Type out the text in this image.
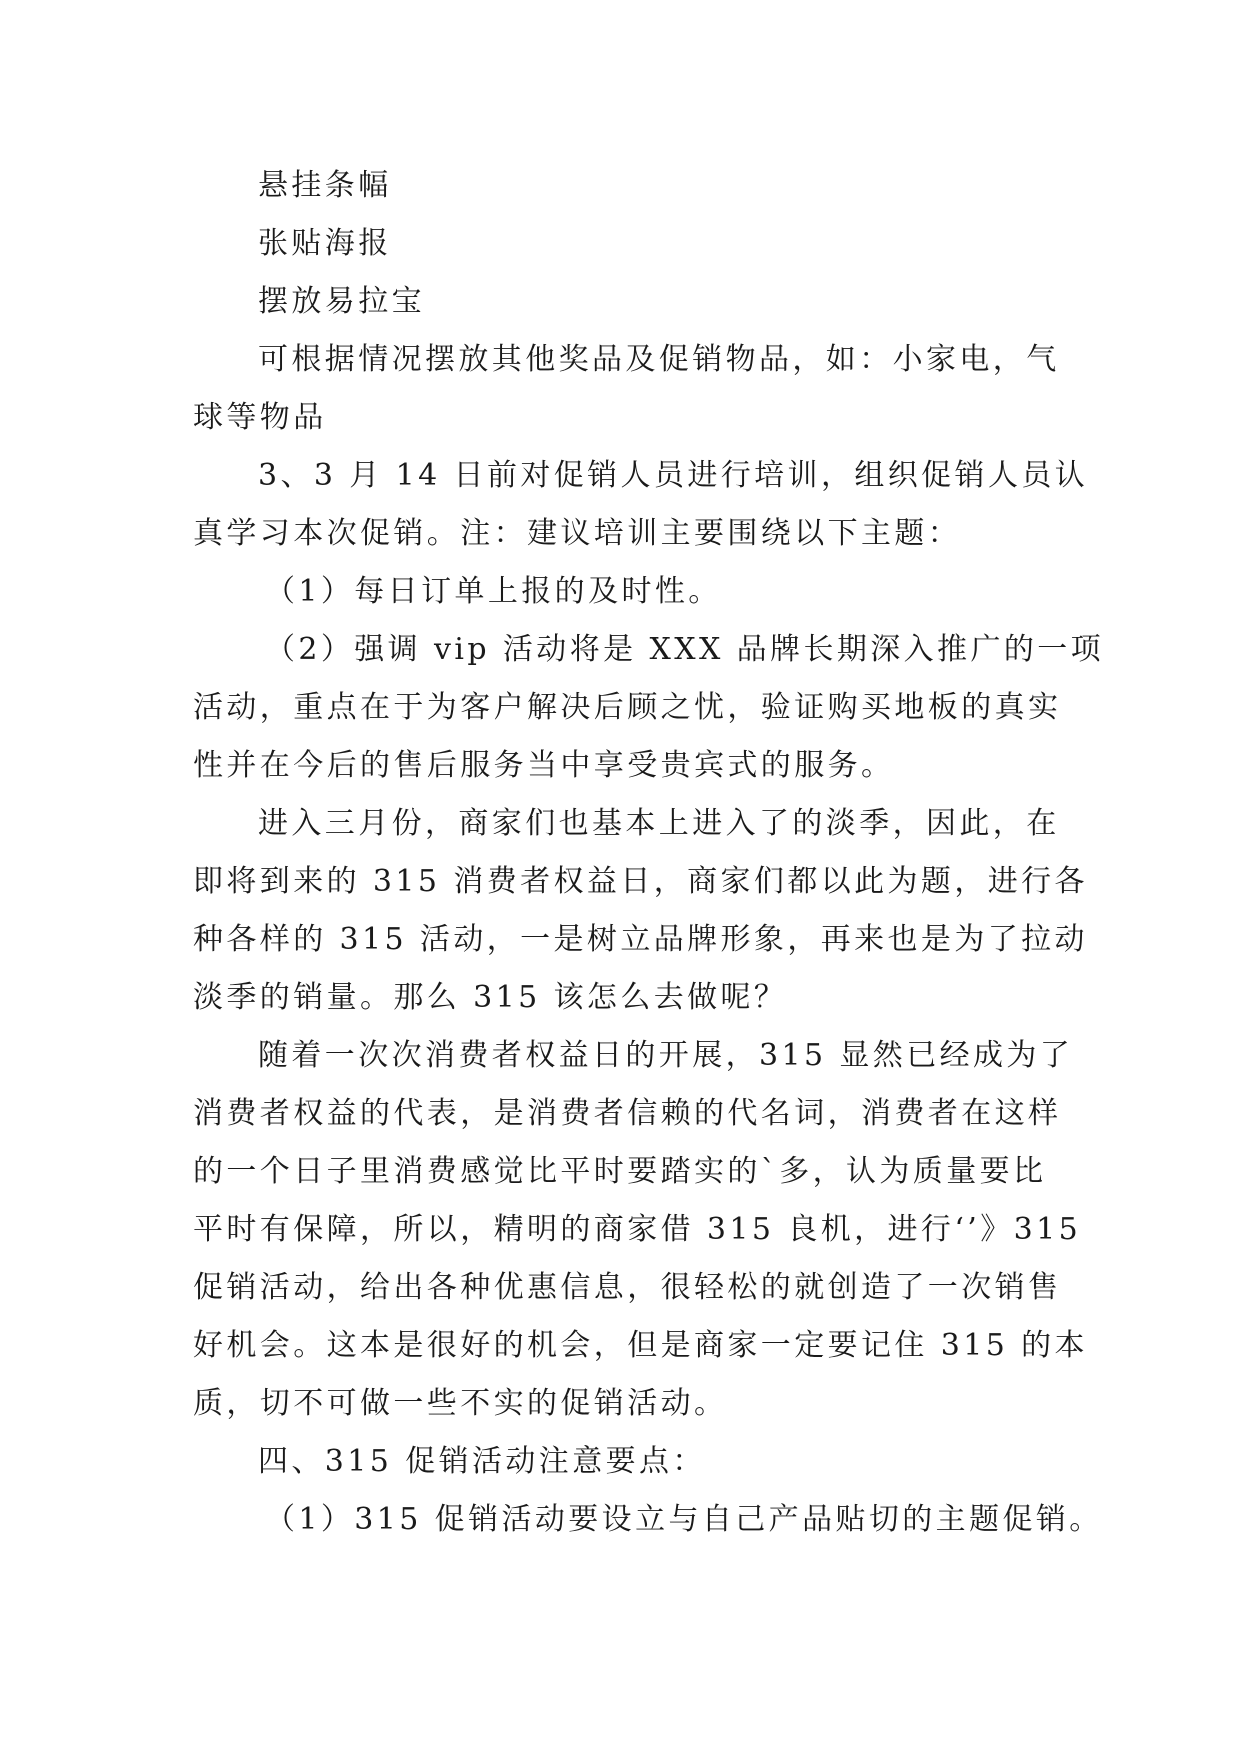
悬挂条幅
张贴海报
摆放易拉宝
可根据情况摆放其他奖品及促销物品，如：小家电，气
球等物品
3、3 月 14 日前对促销人员进行培训，组织促销人员认
真学习本次促销。注：建议培训主要围绕以下主题：
（1）每日订单上报的及时性。
（2）强调 vip 活动将是 XXX 品牌长期深入推广的一项
活动，重点在于为客户解决后顾之忧，验证购买地板的真实
性并在今后的售后服务当中享受贵宾式的服务。
进入三月份，商家们也基本上进入了的淡季，因此，在
即将到来的 315 消费者权益日，商家们都以此为题，进行各
种各样的 315 活动，一是树立品牌形象，再来也是为了拉动
淡季的销量。那么 315 该怎么去做呢？
随着一次次消费者权益日的开展，315 显然已经成为了
消费者权益的代表，是消费者信赖的代名词，消费者在这样
的一个日子里消费感觉比平时要踏实的`多，认为质量要比
平时有保障，所以，精明的商家借 315 良机，进行‘’》315
促销活动，给出各种优惠信息，很轻松的就创造了一次销售
好机会。这本是很好的机会，但是商家一定要记住 315 的本
质，切不可做一些不实的促销活动。
四、315 促销活动注意要点：
（1）315 促销活动要设立与自己产品贴切的主题促销。
